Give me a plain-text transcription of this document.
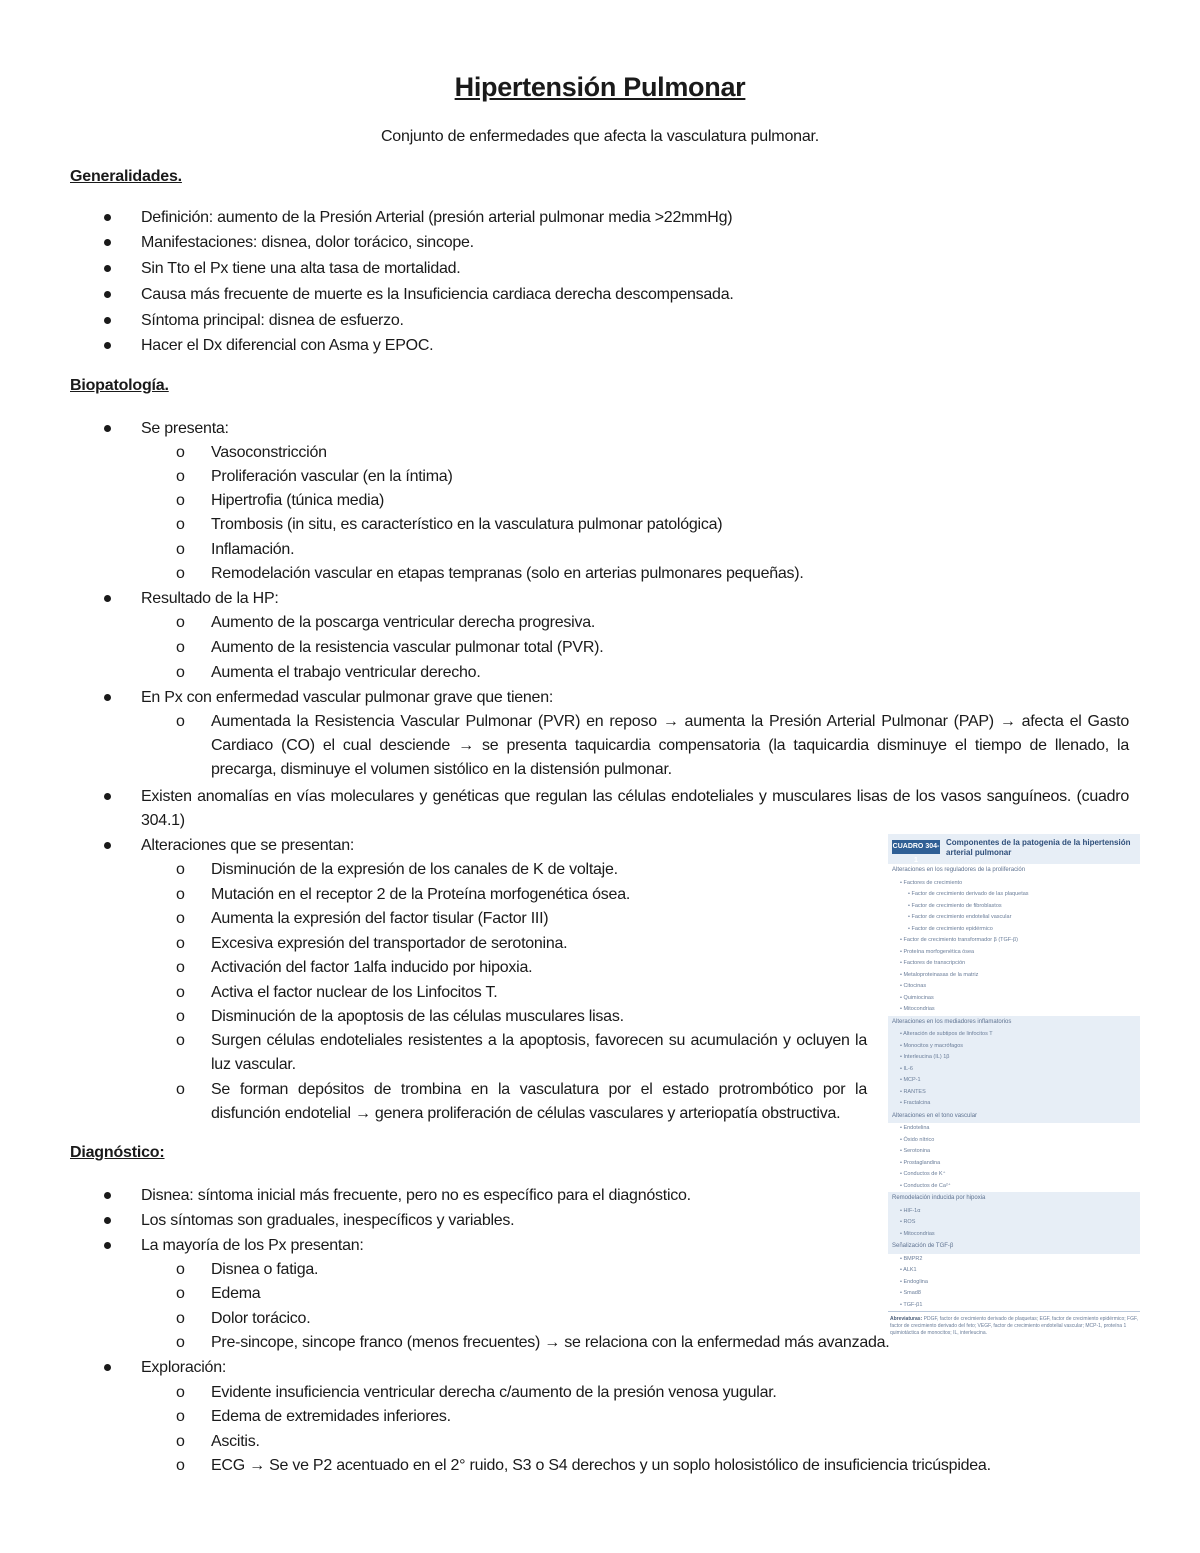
Hipertensión Pulmonar
Conjunto de enfermedades que afecta la vasculatura pulmonar.
Generalidades.
Definición: aumento de la Presión Arterial (presión arterial pulmonar media >22mmHg)
Manifestaciones: disnea, dolor torácico, sincope.
Sin Tto el Px tiene una alta tasa de mortalidad.
Causa más frecuente de muerte es la Insuficiencia cardiaca derecha descompensada.
Síntoma principal: disnea de esfuerzo.
Hacer el Dx diferencial con Asma y EPOC.
Biopatología.
Se presenta:
o Vasoconstricción
o Proliferación vascular (en la íntima)
o Hipertrofia (túnica media)
o Trombosis (in situ, es característico en la vasculatura pulmonar patológica)
o Inflamación.
o Remodelación vascular en etapas tempranas (solo en arterias pulmonares pequeñas).
Resultado de la HP:
o Aumento de la poscarga ventricular derecha progresiva.
o Aumento de la resistencia vascular pulmonar total (PVR).
o Aumenta el trabajo ventricular derecho.
En Px con enfermedad vascular pulmonar grave que tienen:
o Aumentada la Resistencia Vascular Pulmonar (PVR) en reposo → aumenta la Presión Arterial Pulmonar (PAP) → afecta el Gasto Cardiaco (CO) el cual desciende → se presenta taquicardia compensatoria (la taquicardia disminuye el tiempo de llenado, la precarga, disminuye el volumen sistólico en la distensión pulmonar.
Existen anomalías en vías moleculares y genéticas que regulan las células endoteliales y musculares lisas de los vasos sanguíneos. (cuadro 304.1)
Alteraciones que se presentan:
o Disminución de la expresión de los canales de K de voltaje.
o Mutación en el receptor 2 de la Proteína morfogenética ósea.
o Aumenta la expresión del factor tisular (Factor III)
o Excesiva expresión del transportador de serotonina.
o Activación del factor 1alfa inducido por hipoxia.
o Activa el factor nuclear de los Linfocitos T.
o Disminución de la apoptosis de las células musculares lisas.
o Surgen células endoteliales resistentes a la apoptosis, favorecen su acumulación y ocluyen la luz vascular.
o Se forman depósitos de trombina en la vasculatura por el estado protrombótico por la disfunción endotelial → genera proliferación de células vasculares y arteriopatía obstructiva.
Diagnóstico:
Disnea: síntoma inicial más frecuente, pero no es específico para el diagnóstico.
Los síntomas son graduales, inespecíficos y variables.
La mayoría de los Px presentan:
o Disnea o fatiga.
o Edema
o Dolor torácico.
o Pre-sincope, sincope franco (menos frecuentes) → se relaciona con la enfermedad más avanzada.
Exploración:
o Evidente insuficiencia ventricular derecha c/aumento de la presión venosa yugular.
o Edema de extremidades inferiores.
o Ascitis.
o ECG → Se ve P2 acentuado en el 2° ruido, S3 o S4 derechos y un soplo holosistólico de insuficiencia tricúspidea.
CUADRO 304-1
Componentes de la patogenia de la hipertensión arterial pulmonar
Alteraciones en los reguladores de la proliferación
• Factores de crecimiento
• Factor de crecimiento derivado de las plaquetas
• Factor de crecimiento de fibroblastos
• Factor de crecimiento endotelial vascular
• Factor de crecimiento epidérmico
• Factor de crecimiento transformador β (TGF-β)
• Proteína morfogenética ósea
• Factores de transcripción
• Metaloproteinasas de la matriz
• Citocinas
• Quimiocinas
• Mitocondrias
Alteraciones en los mediadores inflamatorios
• Alteración de subtipos de linfocitos T
• Monocitos y macrófagos
• Interleucina (IL) 1β
• IL-6
• MCP-1
• RANTES
• Fractalcina
Alteraciones en el tono vascular
• Endotelina
• Óxido nítrico
• Serotonina
• Prostaglandina
• Conductos de K⁺
• Conductos de Ca²⁺
Remodelación inducida por hipoxia
• HIF-1α
• ROS
• Mitocondrias
Señalización de TGF-β
• BMPR2
• ALK1
• Endoglina
• Smad8
• TGF-β1
Abreviaturas: PDGF, factor de crecimiento derivado de plaquetas; EGF, factor de crecimiento epidérmico; FGF, factor de crecimiento derivado del feto; VEGF, factor de crecimiento endotelial vascular; MCP-1, proteína 1 quimiotáctica de monocitos; IL, interleucina.
